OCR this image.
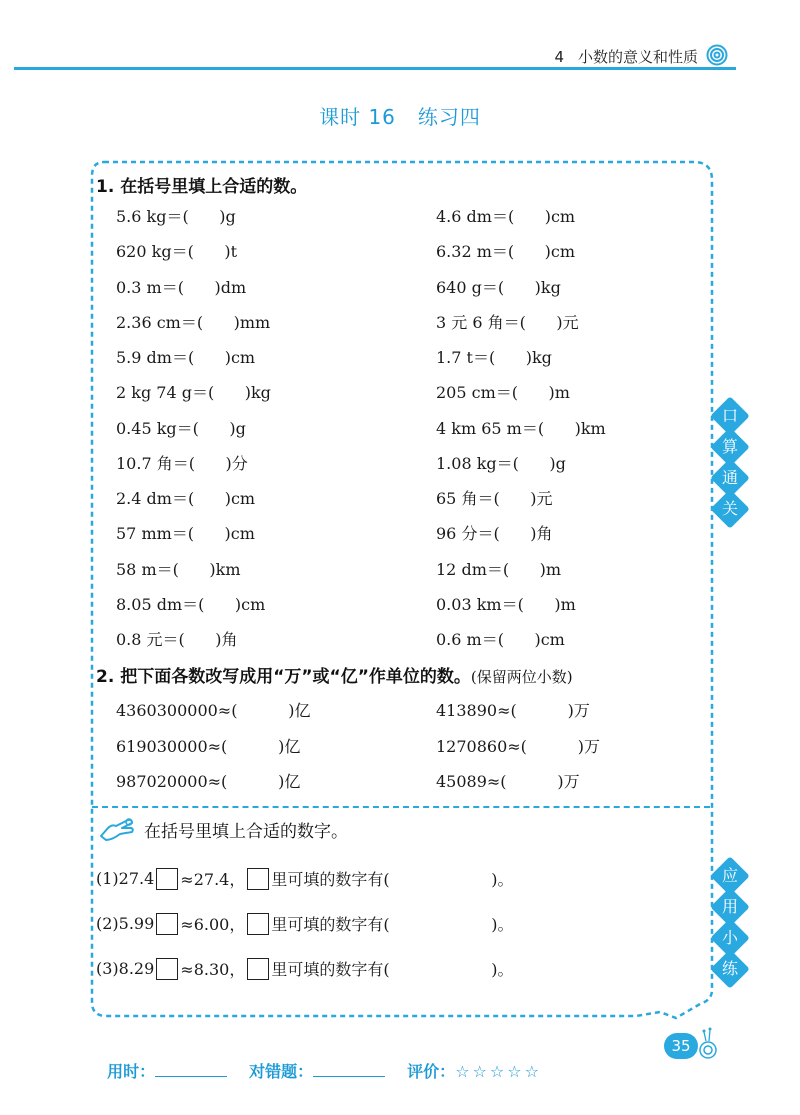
4 小数的意义和性质
课时 16 练习四
1. 在括号里填上合适的数。
5.6 kg＝(      )g
620 kg＝(      )t
0.3 m＝(      )dm
2.36 cm＝(      )mm
5.9 dm＝(      )cm
2 kg 74 g＝(      )kg
0.45 kg＝(      )g
10.7 角＝(      )分
2.4 dm＝(      )cm
57 mm＝(      )cm
58 m＝(      )km
8.05 dm＝(      )cm
0.8 元＝(      )角
4.6 dm＝(      )cm
6.32 m＝(      )cm
640 g＝(      )kg
3 元 6 角＝(      )元
1.7 t＝(      )kg
205 cm＝(      )m
4 km 65 m＝(      )km
1.08 kg＝(      )g
65 角＝(      )元
96 分＝(      )角
12 dm＝(      )m
0.03 km＝(      )m
0.6 m＝(      )cm
2. 把下面各数改写成用“万”或“亿”作单位的数。(保留两位小数)
4360300000≈(          )亿
619030000≈(          )亿
987020000≈(          )亿
413890≈(          )万
1270860≈(          )万
45089≈(          )万
在括号里填上合适的数字。
(1)27.4 ≈27.4， 里可填的数字有(                    )。
(2)5.99 ≈6.00， 里可填的数字有(                    )。
(3)8.29 ≈8.30， 里可填的数字有(                    )。
口
算
通
关
应
用
小
练

用时：	对错题：	评价：☆☆☆☆☆

35
